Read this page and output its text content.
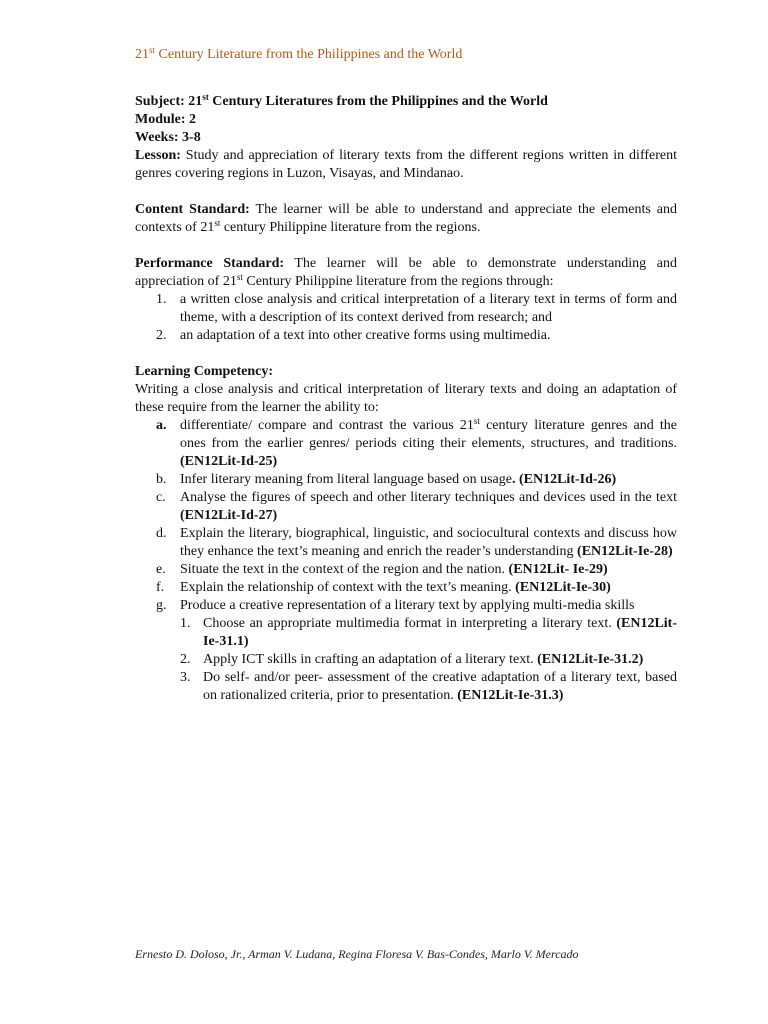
21st Century Literature from the Philippines and the World
Subject: 21st Century Literatures from the Philippines and the World
Module: 2
Weeks: 3-8
Lesson: Study and appreciation of literary texts from the different regions written in different genres covering regions in Luzon, Visayas, and Mindanao.
Content Standard: The learner will be able to understand and appreciate the elements and contexts of 21st century Philippine literature from the regions.
Performance Standard: The learner will be able to demonstrate understanding and appreciation of 21st Century Philippine literature from the regions through:
1. a written close analysis and critical interpretation of a literary text in terms of form and theme, with a description of its context derived from research; and
2. an adaptation of a text into other creative forms using multimedia.
Learning Competency:
Writing a close analysis and critical interpretation of literary texts and doing an adaptation of these require from the learner the ability to:
a. differentiate/ compare and contrast the various 21st century literature genres and the ones from the earlier genres/ periods citing their elements, structures, and traditions. (EN12Lit-Id-25)
b. Infer literary meaning from literal language based on usage. (EN12Lit-Id-26)
c.	Analyse the figures of speech and other literary techniques and devices used in the text (EN12Lit-Id-27)
d. Explain the literary, biographical, linguistic, and sociocultural contexts and discuss how they enhance the text’s meaning and enrich the reader’s understanding (EN12Lit-Ie-28)
e.	Situate the text in the context of the region and the nation. (EN12Lit- Ie-29)
f.	Explain the relationship of context with the text’s meaning. (EN12Lit-Ie-30)
g. Produce a creative representation of a literary text by applying multi-media skills
1. Choose an appropriate multimedia format in interpreting a literary text. (EN12Lit-Ie-31.1)
2. Apply ICT skills in crafting an adaptation of a literary text. (EN12Lit-Ie-31.2)
3. Do self- and/or peer- assessment of the creative adaptation of a literary text, based on rationalized criteria, prior to presentation. (EN12Lit-Ie-31.3)
Ernesto D. Doloso, Jr., Arman V. Ludana, Regina Floresa V. Bas-Condes, Marlo V. Mercado
